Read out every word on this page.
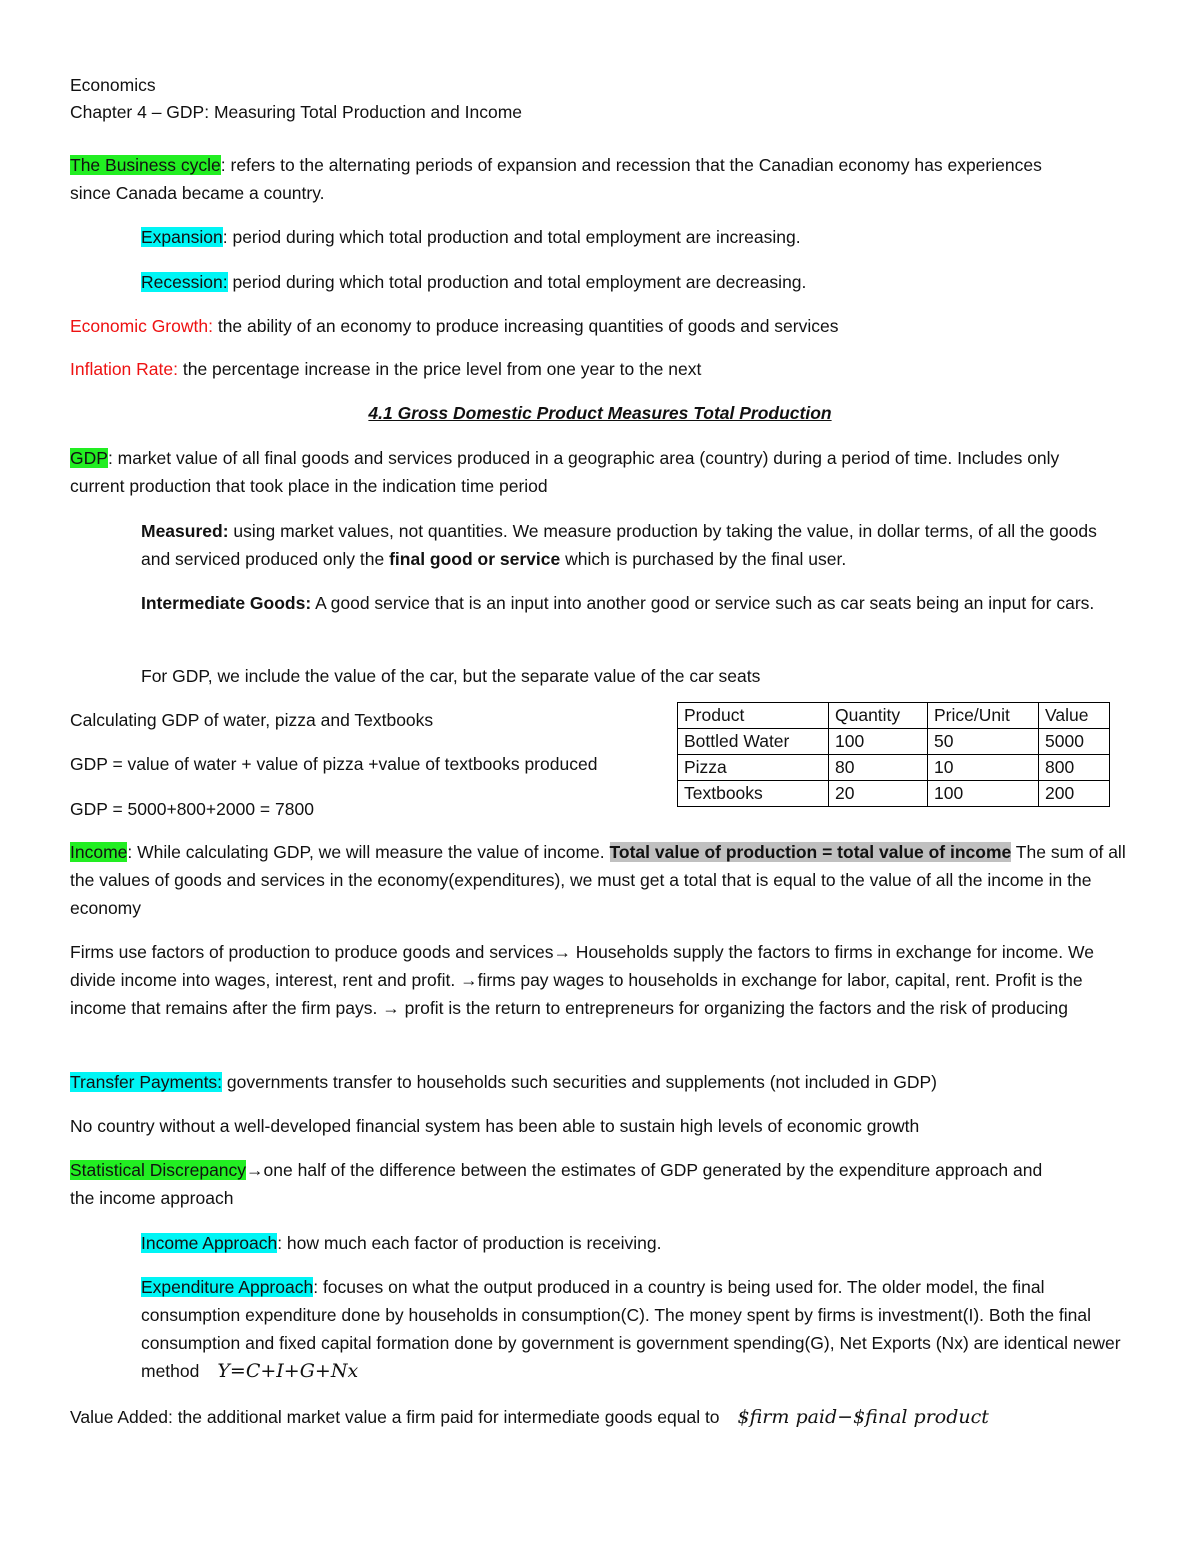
Economics

Chapter 4 – GDP: Measuring Total Production and Income

The Business cycle: refers to the alternating periods of expansion and recession that the Canadian economy has experiences since Canada became a country.

Expansion: period during which total production and total employment are increasing.

Recession: period during which total production and total employment are decreasing.

Economic Growth: the ability of an economy to produce increasing quantities of goods and services

Inflation Rate: the percentage increase in the price level from one year to the next

4.1 Gross Domestic Product Measures Total Production

GDP: market value of all final goods and services produced in a geographic area (country) during a period of time. Includes only current production that took place in the indication time period

Measured: using market values, not quantities. We measure production by taking the value, in dollar terms, of all the goods and serviced produced only the final good or service which is purchased by the final user.

Intermediate Goods: A good service that is an input into another good or service such as car seats being an input for cars.

For GDP, we include the value of the car, but the separate value of the car seats

Calculating GDP of water, pizza and Textbooks

GDP = value of water + value of pizza +value of textbooks produced

GDP = 5000+800+2000 = 7800

Product	Quantity	Price/Unit	Value
Bottled Water	100	50	5000
Pizza	80	10	800
Textbooks	20	100	200

Income: While calculating GDP, we will measure the value of income. Total value of production = total value of income The sum of all the values of goods and services in the economy(expenditures), we must get a total that is equal to the value of all the income in the economy

Firms use factors of production to produce goods and services→ Households supply the factors to firms in exchange for income. We divide income into wages, interest, rent and profit. →firms pay wages to households in exchange for labor, capital, rent. Profit is the income that remains after the firm pays. → profit is the return to entrepreneurs for organizing the factors and the risk of producing

Transfer Payments: governments transfer to households such securities and supplements (not included in GDP)

No country without a well-developed financial system has been able to sustain high levels of economic growth

Statistical Discrepancy→one half of the difference between the estimates of GDP generated by the expenditure approach and the income approach

Income Approach: how much each factor of production is receiving.

Expenditure Approach: focuses on what the output produced in a country is being used for. The older model, the final consumption expenditure done by households in consumption(C). The money spent by firms is investment(I). Both the final consumption and fixed capital formation done by government is government spending(G), Net Exports (Nx) are identical newer method Y=C+I+G+Nx

Value Added: the additional market value a firm paid for intermediate goods equal to $firm paid−$final product
